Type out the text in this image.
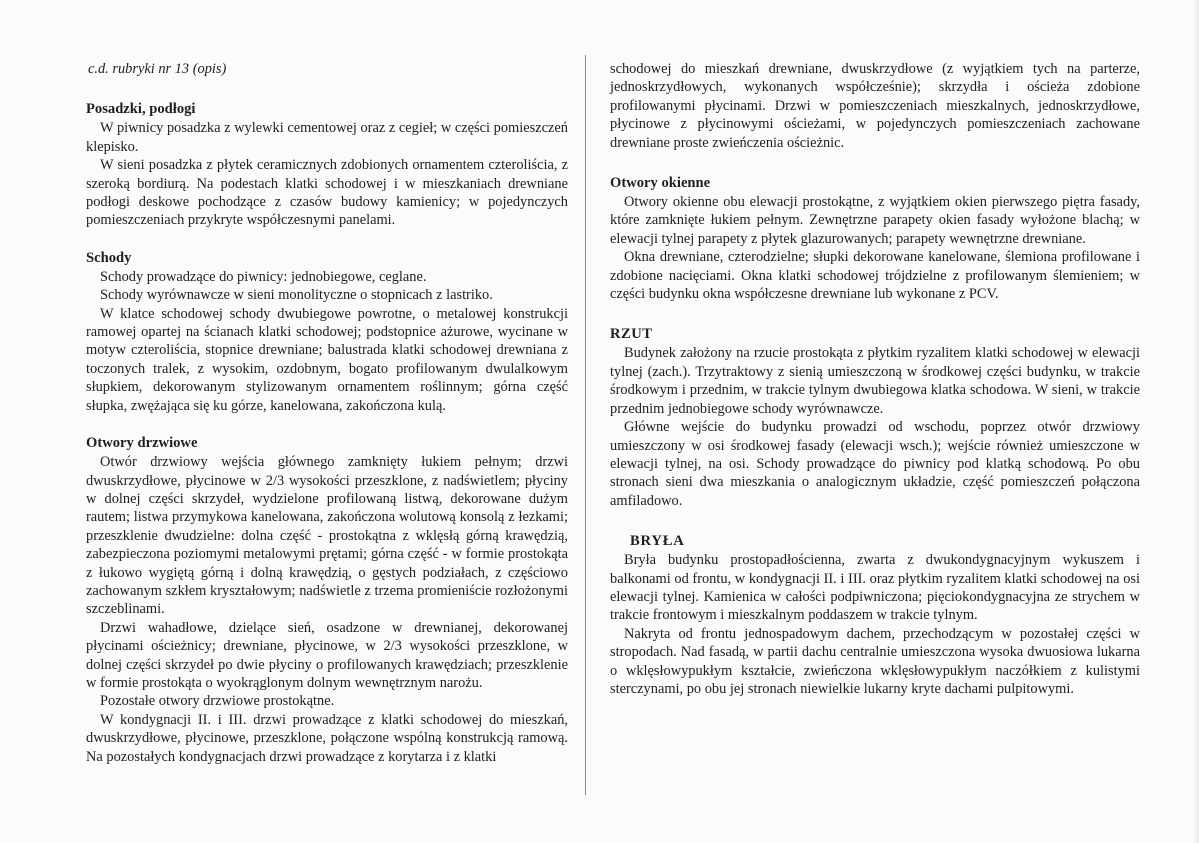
c.d. rubryki nr 13 (opis)
Posadzki, podłogi

W piwnicy posadzka z wylewki cementowej oraz z cegieł; w części pomieszczeń klepisko.

W sieni posadzka z płytek ceramicznych zdobionych ornamentem czteroliścia, z szeroką bordiurą. Na podestach klatki schodowej i w mieszkaniach drewniane podłogi deskowe pochodzące z czasów budowy kamienicy; w pojedynczych pomieszczeniach przykryte współczesnymi panelami.

Schody

Schody prowadzące do piwnicy: jednobiegowe, ceglane.

Schody wyrównawcze w sieni monolityczne o stopnicach z lastriko.

W klatce schodowej schody dwubiegowe powrotne, o metalowej konstrukcji ramowej opartej na ścianach klatki schodowej; podstopnice ażurowe, wycinane w motyw czteroliścia, stopnice drewniane; balustrada klatki schodowej drewniana z toczonych tralek, z wysokim, ozdobnym, bogato profilowanym dwulalkowym słupkiem, dekorowanym stylizowanym ornamentem roślinnym; górna część słupka, zwężająca się ku górze, kanelowana, zakończona kulą.

Otwory drzwiowe

Otwór drzwiowy wejścia głównego zamknięty łukiem pełnym; drzwi dwuskrzydłowe, płycinowe w 2/3 wysokości przeszklone, z nadświetlem; płyciny w dolnej części skrzydeł, wydzielone profilowaną listwą, dekorowane dużym rautem; listwa przymykowa kanelowana, zakończona wolutową konsolą z łezkami; przeszklenie dwudzielne: dolna część - prostokątna z wklęsłą górną krawędzią, zabezpieczona poziomymi metalowymi prętami; górna część - w formie prostokąta z łukowo wygiętą górną i dolną krawędzią, o gęstych podziałach, z częściowo zachowanym szkłem kryształowym; nadświetle z trzema promieniście rozłożonymi szczeblinami.

Drzwi wahadłowe, dzielące sień, osadzone w drewnianej, dekorowanej płycinami ościeżnicy; drewniane, płycinowe, w 2/3 wysokości przeszklone, w dolnej części skrzydeł po dwie płyciny o profilowanych krawędziach; przeszklenie w formie prostokąta o wyokrąglonym dolnym wewnętrznym narożu.

Pozostałe otwory drzwiowe prostokątne.

W kondygnacji II. i III. drzwi prowadzące z klatki schodowej do mieszkań, dwuskrzydłowe, płycinowe, przeszklone, połączone wspólną konstrukcją ramową. Na pozostałych kondygnacjach drzwi prowadzące z korytarza i z klatki

schodowej do mieszkań drewniane, dwuskrzydłowe (z wyjątkiem tych na parterze, jednoskrzydłowych, wykonanych współcześnie); skrzydła i ościeża zdobione profilowanymi płycinami. Drzwi w pomieszczeniach mieszkalnych, jednoskrzydłowe, płycinowe z płycinowymi ościeżami, w pojedynczych pomieszczeniach zachowane drewniane proste zwieńczenia ościeżnic.

Otwory okienne

Otwory okienne obu elewacji prostokątne, z wyjątkiem okien pierwszego piętra fasady, które zamknięte łukiem pełnym. Zewnętrzne parapety okien fasady wyłożone blachą; w elewacji tylnej parapety z płytek glazurowanych; parapety wewnętrzne drewniane.

Okna drewniane, czterodzielne; słupki dekorowane kanelowane, ślemiona profilowane i zdobione nacięciami. Okna klatki schodowej trójdzielne z profilowanym ślemieniem; w części budynku okna współczesne drewniane lub wykonane z PCV.

RZUT

Budynek założony na rzucie prostokąta z płytkim ryzalitem klatki schodowej w elewacji tylnej (zach.). Trzytraktowy z sienią umieszczoną w środkowej części budynku, w trakcie środkowym i przednim, w trakcie tylnym dwubiegowa klatka schodowa. W sieni, w trakcie przednim jednobiegowe schody wyrównawcze.

Główne wejście do budynku prowadzi od wschodu, poprzez otwór drzwiowy umieszczony w osi środkowej fasady (elewacji wsch.); wejście również umieszczone w elewacji tylnej, na osi. Schody prowadzące do piwnicy pod klatką schodową. Po obu stronach sieni dwa mieszkania o analogicznym układzie, część pomieszczeń połączona amfiladowo.

BRYŁA

Bryła budynku prostopadłościenna, zwarta z dwukondygnacyjnym wykuszem i balkonami od frontu, w kondygnacji II. i III. oraz płytkim ryzalitem klatki schodowej na osi elewacji tylnej. Kamienica w całości podpiwniczona; pięciokondygnacyjna ze strychem w trakcie frontowym i mieszkalnym poddaszem w trakcie tylnym.

Nakryta od frontu jednospadowym dachem, przechodzącym w pozostałej części w stropodach. Nad fasadą, w partii dachu centralnie umieszczona wysoka dwuosiowa lukarna o wklęsłowypukłym kształcie, zwieńczona wklęsłowypukłym naczółkiem z kulistymi sterczynami, po obu jej stronach niewielkie lukarny kryte dachami pulpitowymi.
